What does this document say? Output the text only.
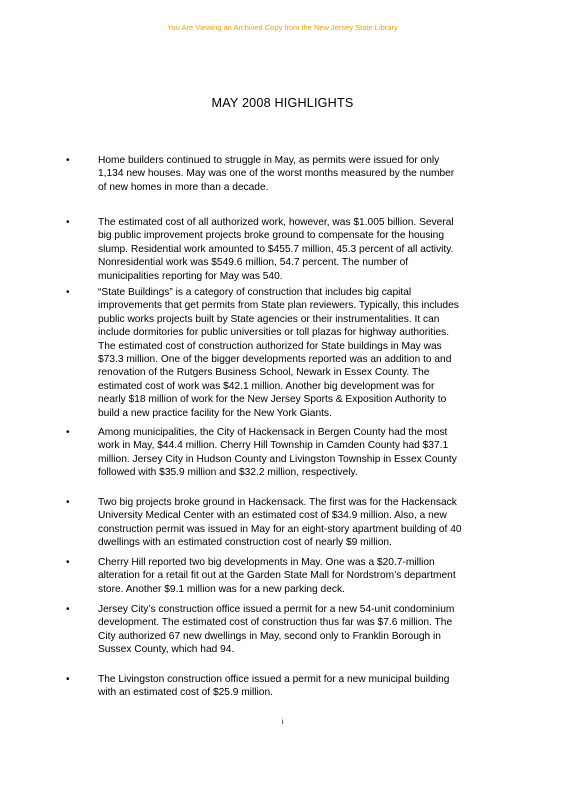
You Are Viewing an Archived Copy from the New Jersey State Library
MAY 2008 HIGHLIGHTS
•	Home builders continued to struggle in May, as permits were issued for only
1,134 new houses. May was one of the worst months measured by the number
of new homes in more than a decade.

•	The estimated cost of all authorized work, however, was $1.005 billion. Several
big public improvement projects broke ground to compensate for the housing
slump. Residential work amounted to $455.7 million, 45.3 percent of all activity.
Nonresidential work was $549.6 million, 54.7 percent. The number of
municipalities reporting for May was 540.

•	“State Buildings” is a category of construction that includes big capital
improvements that get permits from State plan reviewers. Typically, this includes
public works projects built by State agencies or their instrumentalities. It can
include dormitories for public universities or toll plazas for highway authorities.
The estimated cost of construction authorized for State buildings in May was
$73.3 million. One of the bigger developments reported was an addition to and
renovation of the Rutgers Business School, Newark in Essex County. The
estimated cost of work was $42.1 million. Another big development was for
nearly $18 million of work for the New Jersey Sports & Exposition Authority to
build a new practice facility for the New York Giants.

•	Among municipalities, the City of Hackensack in Bergen County had the most
work in May, $44.4 million. Cherry Hill Township in Camden County had $37.1
million. Jersey City in Hudson County and Livingston Township in Essex County
followed with $35.9 million and $32.2 million, respectively.

•	Two big projects broke ground in Hackensack. The first was for the Hackensack
University Medical Center with an estimated cost of $34.9 million. Also, a new
construction permit was issued in May for an eight-story apartment building of 40
dwellings with an estimated construction cost of nearly $9 million.

•	Cherry Hill reported two big developments in May. One was a $20.7-million
alteration for a retail fit out at the Garden State Mall for Nordstrom’s department
store. Another $9.1 million was for a new parking deck.

•	Jersey City’s construction office issued a permit for a new 54-unit condominium
development. The estimated cost of construction thus far was $7.6 million. The
City authorized 67 new dwellings in May, second only to Franklin Borough in
Sussex County, which had 94.

•	The Livingston construction office issued a permit for a new municipal building
with an estimated cost of $25.9 million.

i
